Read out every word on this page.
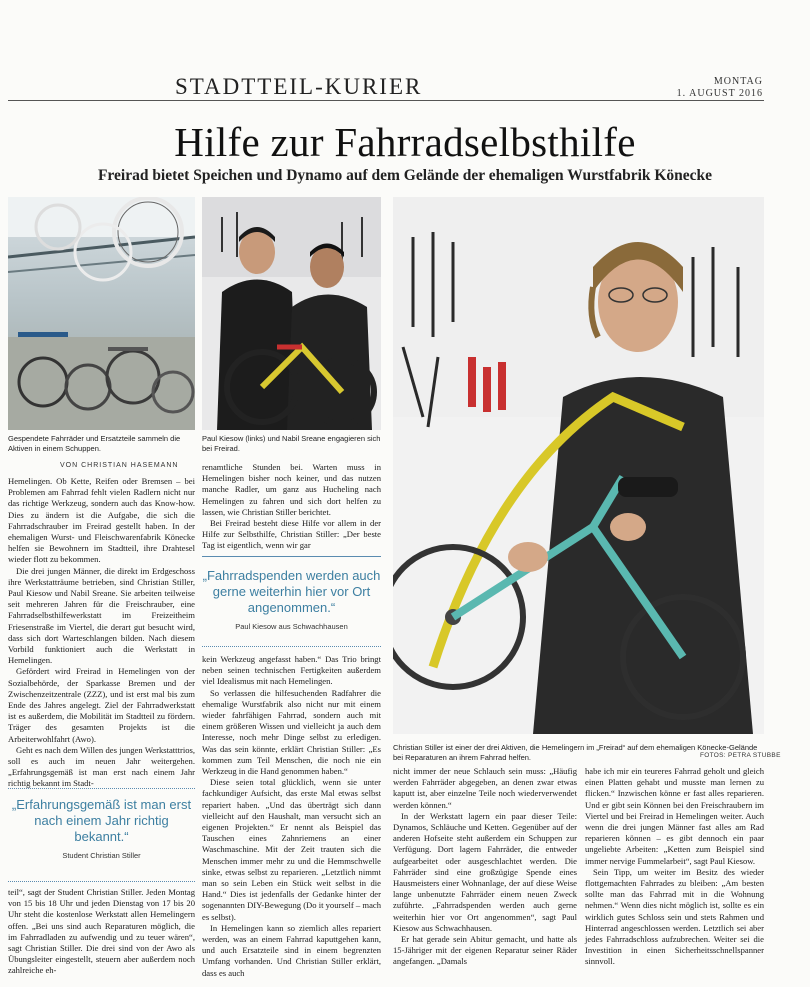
STADTTEIL-KURIER	MONTAG
1. AUGUST 2016
Hilfe zur Fahrradselbsthilfe
Freirad bietet Speichen und Dynamo auf dem Gelände der ehemaligen Wurstfabrik Könecke
Gespendete Fahrräder und Ersatzteile sammeln die Aktiven in einem Schuppen.
Paul Kiesow (links) und Nabil Sreane engagieren sich bei Freirad.
Christian Stiller ist einer der drei Aktiven, die Hemelingern im „Freirad“ auf dem ehemaligen Könecke-Gelände bei Reparaturen an ihrem Fahrrad helfen.	FOTOS: PETRA STUBBE
VON CHRISTIAN HASEMANN

Hemelingen. Ob Kette, Reifen oder Bremsen – bei Problemen am Fahrrad fehlt vielen Radlern nicht nur das richtige Werkzeug, sondern auch das Know-how. Dies zu ändern ist die Aufgabe, die sich die Fahrradschrauber im Freirad gestellt haben. In der ehemaligen Wurst- und Fleischwarenfabrik Könecke helfen sie Bewohnern im Stadtteil, ihre Drahtesel wieder flott zu bekommen.

Die drei jungen Männer, die direkt im Erdgeschoss ihre Werkstatträume betrieben, sind Christian Stiller, Paul Kiesow und Nabil Sreane. Sie arbeiten teilweise seit mehreren Jahren für die Freischrauber, eine Fahrradselbsthilfewerkstatt im Freizeitheim Friesenstraße im Viertel, die derart gut besucht wird, dass sich dort Warteschlangen bilden. Nach diesem Vorbild funktioniert auch die Werkstatt in Hemelingen.

Gefördert wird Freirad in Hemelingen von der Sozialbehörde, der Sparkasse Bremen und der Zwischenzeitzentrale (ZZZ), und ist erst mal bis zum Ende des Jahres angelegt. Ziel der Fahrradwerkstatt ist es außerdem, die Mobilität im Stadtteil zu fördern. Träger des gesamten Projekts ist die Arbeiterwohlfahrt (Awo).

Geht es nach dem Willen des jungen Werkstatttrios, soll es auch im neuen Jahr weitergehen. „Erfahrungsgemäß ist man erst nach einem Jahr richtig bekannt im Stadt-

„Erfahrungsgemäß ist man erst nach einem Jahr richtig bekannt.“
Student Christian Stiller

teil“, sagt der Student Christian Stiller. Jeden Montag von 15 bis 18 Uhr und jeden Dienstag von 17 bis 20 Uhr steht die kostenlose Werkstatt allen Hemelingern offen. „Bei uns sind auch Reparaturen möglich, die im Fahrradladen zu aufwendig und zu teuer wären“, sagt Christian Stiller. Die drei sind von der Awo als Übungsleiter eingestellt, steuern aber außerdem noch zahlreiche eh-

renamtliche Stunden bei. Warten muss in Hemelingen bisher noch keiner, und das nutzen manche Radler, um ganz aus Hucheling nach Hemelingen zu fahren und sich dort helfen zu lassen, wie Christian Stiller berichtet.

Bei Freirad besteht diese Hilfe vor allem in der Hilfe zur Selbsthilfe, Christian Stiller: „Der beste Tag ist eigentlich, wenn wir gar

„Fahrradspenden werden auch gerne weiterhin hier vor Ort angenommen.“
Paul Kiesow aus Schwachhausen

kein Werkzeug angefasst haben.“ Das Trio bringt neben seinen technischen Fertigkeiten außerdem viel Idealismus mit nach Hemelingen.

So verlassen die hilfesuchenden Radfahrer die ehemalige Wurstfabrik also nicht nur mit einem wieder fahrfähigen Fahrrad, sondern auch mit einem größeren Wissen und vielleicht ja auch dem Interesse, noch mehr Dinge selbst zu erledigen. Was das sein könnte, erklärt Christian Stiller: „Es kommen zum Teil Menschen, die noch nie ein Werkzeug in die Hand genommen haben.“

Diese seien total glücklich, wenn sie unter fachkundiger Aufsicht, das erste Mal etwas selbst repariert haben. „Und das überträgt sich dann vielleicht auf den Haushalt, man versucht sich an eigenen Projekten.“ Er nennt als Beispiel das Tauschen eines Zahnriemens an einer Waschmaschine. Mit der Zeit trauten sich die Menschen immer mehr zu und die Hemmschwelle sinke, etwas selbst zu reparieren. „Letztlich nimmt man so sein Leben ein Stück weit selbst in die Hand.“ Dies ist jedenfalls der Gedanke hinter der sogenannten DIY-Bewegung (Do it yourself – mach es selbst).

In Hemelingen kann so ziemlich alles repariert werden, was an einem Fahrrad kaputtgehen kann, und auch Ersatzteile sind in einem begrenzten Umfang vorhanden. Und Christian Stiller erklärt, dass es auch

nicht immer der neue Schlauch sein muss: „Häufig werden Fahrräder abgegeben, an denen zwar etwas kaputt ist, aber einzelne Teile noch wiederverwendet werden können.“

In der Werkstatt lagern ein paar dieser Teile: Dynamos, Schläuche und Ketten. Gegenüber auf der anderen Hofseite steht außerdem ein Schuppen zur Verfügung. Dort lagern Fahrräder, die entweder aufgearbeitet oder ausgeschlachtet werden. Die Fahrräder sind eine großzügige Spende eines Hausmeisters einer Wohnanlage, der auf diese Weise lange unbenutzte Fahrräder einem neuen Zweck zuführte. „Fahrradspenden werden auch gerne weiterhin hier vor Ort angenommen“, sagt Paul Kiesow aus Schwachhausen.

Er hat gerade sein Abitur gemacht, und hatte als 15-Jähriger mit der eigenen Reparatur seiner Räder angefangen. „Damals

habe ich mir ein teureres Fahrrad geholt und gleich einen Platten gehabt und musste man lernen zu flicken.“ Inzwischen könne er fast alles reparieren. Und er gibt sein Können bei den Freischraubern im Viertel und bei Freirad in Hemelingen weiter. Auch wenn die drei jungen Männer fast alles am Rad reparieren können – es gibt dennoch ein paar ungeliebte Arbeiten: „Ketten zum Beispiel sind immer nervige Fummelarbeit“, sagt Paul Kiesow.

Sein Tipp, um weiter im Besitz des wieder flottgemachten Fahrrades zu bleiben: „Am besten sollte man das Fahrrad mit in die Wohnung nehmen.“ Wenn dies nicht möglich ist, sollte es ein wirklich gutes Schloss sein und stets Rahmen und Hinterrad angeschlossen werden. Letztlich sei aber jedes Fahrradschloss aufzubrechen. Weiter sei die Investition in einen Sicherheitsschnellspanner sinnvoll.
